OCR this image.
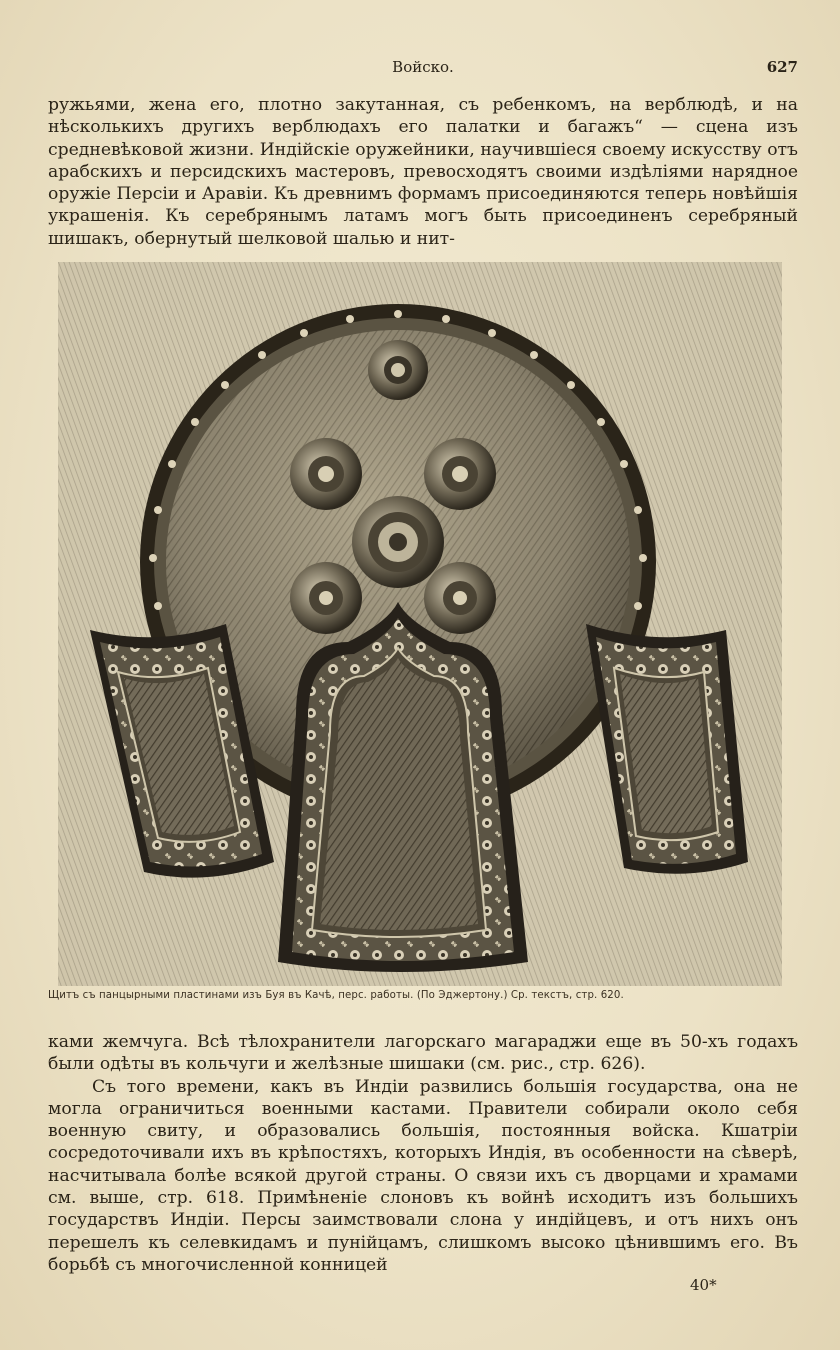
Войско.	627

ружьями, жена его, плотно закутанная, съ ребенкомъ, на верблюдѣ, и на нѣсколькихъ другихъ верблюдахъ его палатки и багажъ“ — сцена изъ средневѣковой жизни. Индійскіе оружейники, научившіеся своему искусству отъ арабскихъ и персидскихъ мастеровъ, превосходятъ своими издѣліями нарядное оружіе Персіи и Аравіи. Къ древнимъ формамъ присоединяются теперь новѣйшія украшенія. Къ серебрянымъ латамъ могъ быть присоединенъ серебряный шишакъ, обернутый шелковой шалью и нит-

Щитъ съ панцырными пластинами изъ Буя въ Качѣ, перс. работы. (По Эджертону.) Ср. текстъ, стр. 620.

ками жемчуга. Всѣ тѣлохранители лагорскаго магараджи еще въ 50-хъ годахъ были одѣты въ кольчуги и желѣзные шишаки (см. рис., стр. 626).

Съ того времени, какъ въ Индіи развились большія государства, она не могла ограничиться военными кастами. Правители собирали около себя военную свиту, и образовались большія, постоянныя войска. Кшатріи сосредоточивали ихъ въ крѣпостяхъ, которыхъ Индія, въ особенности на сѣверѣ, насчитывала болѣе всякой другой страны. О связи ихъ съ дворцами и храмами см. выше, стр. 618. Примѣненіе слоновъ къ войнѣ исходитъ изъ большихъ государствъ Индіи. Персы заимствовали слона у индійцевъ, и отъ нихъ онъ перешелъ къ селевкидамъ и пунійцамъ, слишкомъ высоко цѣнившимъ его. Въ борьбѣ съ многочисленной конницей

40*
